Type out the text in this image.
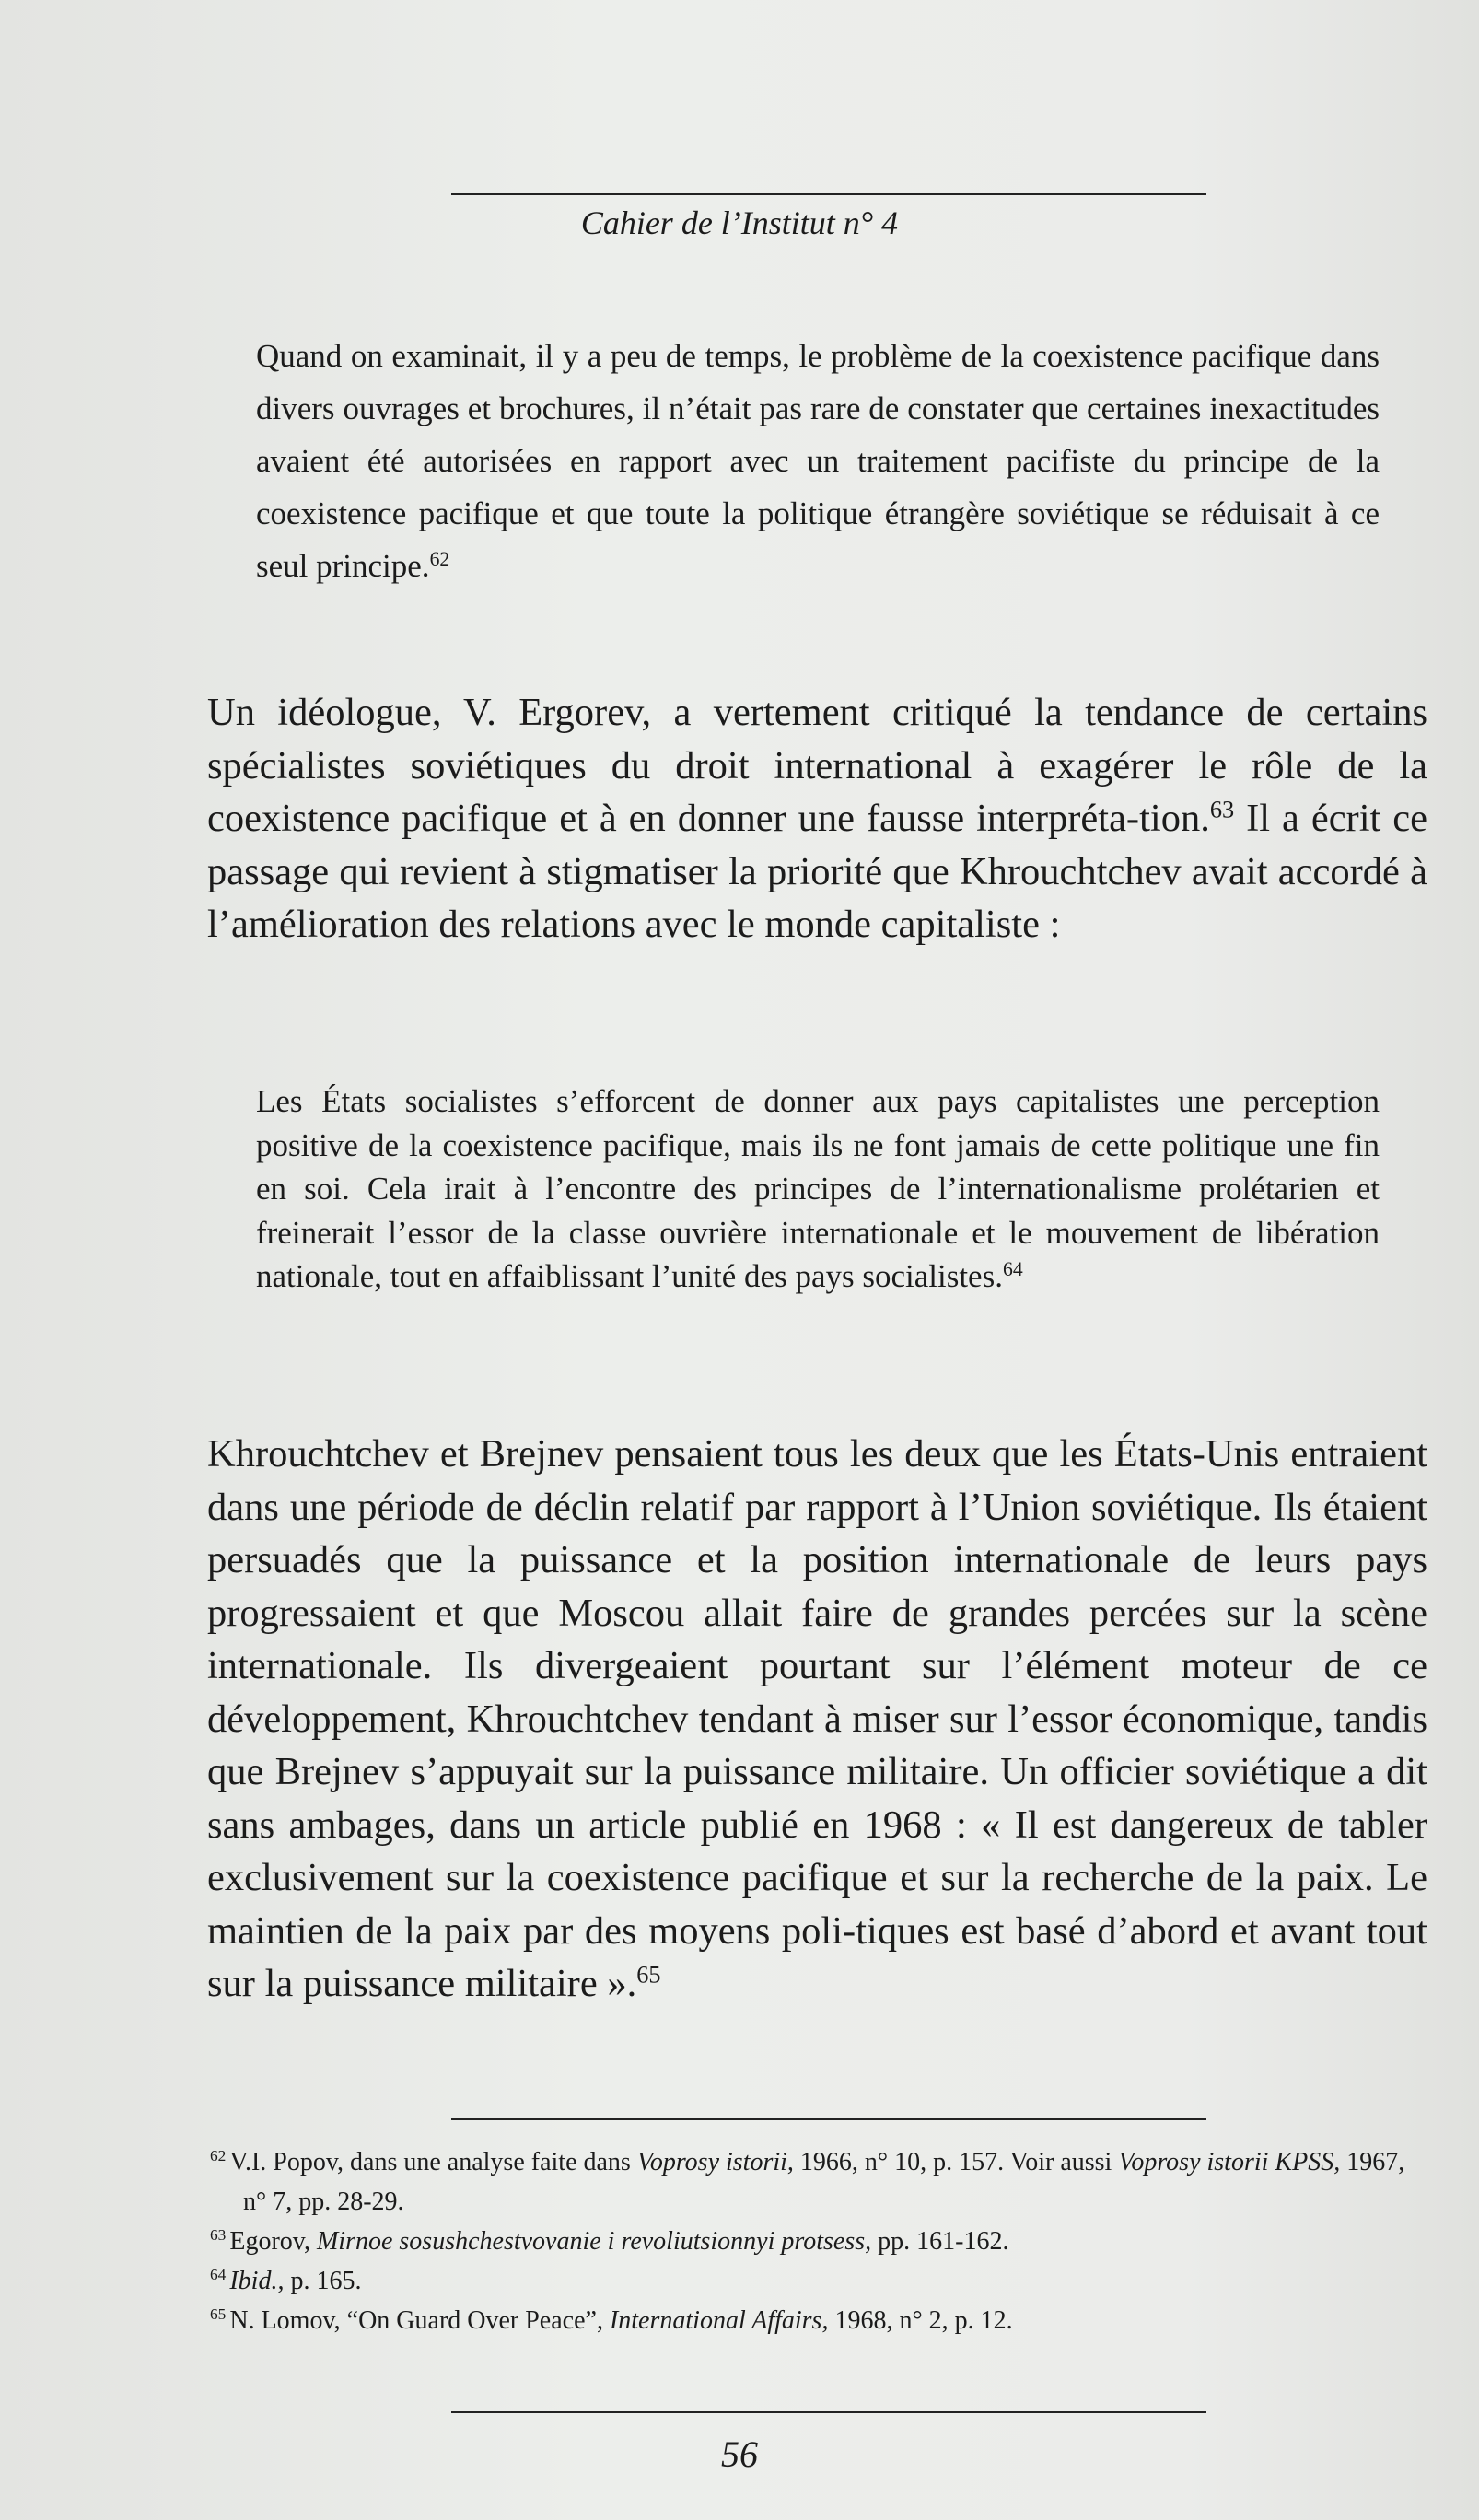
Cahier de l’Institut n° 4

Quand on examinait, il y a peu de temps, le problème de la coexistence pacifique dans divers ouvrages et brochures, il n’était pas rare de constater que certaines inexactitudes avaient été autorisées en rapport avec un traitement pacifiste du principe de la coexistence pacifique et que toute la politique étrangère soviétique se réduisait à ce seul principe.$^{62}$

Un idéologue, V. Ergorev, a vertement critiqué la tendance de certains spécialistes soviétiques du droit international à exagérer le rôle de la coexistence pacifique et à en donner une fausse interpréta-tion.$^{63}$ Il a écrit ce passage qui revient à stigmatiser la priorité que Khrouchtchev avait accordé à l’amélioration des relations avec le monde capitaliste :

Les États socialistes s’efforcent de donner aux pays capitalistes une perception positive de la coexistence pacifique, mais ils ne font jamais de cette politique une fin en soi. Cela irait à l’encontre des principes de l’internationalisme prolétarien et freinerait l’essor de la classe ouvrière internationale et le mouvement de libération nationale, tout en affaiblissant l’unité des pays socialistes.$^{64}$

Khrouchtchev et Brejnev pensaient tous les deux que les États-Unis entraient dans une période de déclin relatif par rapport à l’Union soviétique. Ils étaient persuadés que la puissance et la position internationale de leurs pays progressaient et que Moscou allait faire de grandes percées sur la scène internationale. Ils divergeaient pourtant sur l’élément moteur de ce développement, Khrouchtchev tendant à miser sur l’essor économique, tandis que Brejnev s’appuyait sur la puissance militaire. Un officier soviétique a dit sans ambages, dans un article publié en 1968 : « Il est dangereux de tabler exclusivement sur la coexistence pacifique et sur la recherche de la paix. Le maintien de la paix par des moyens poli-tiques est basé d’abord et avant tout sur la puissance militaire ».$^{65}$

$^{62}$ V.I. Popov, dans une analyse faite dans Voprosy istorii, 1966, n° 10, p. 157. Voir aussi Voprosy istorii KPSS, 1967, n° 7, pp. 28-29.
$^{63}$ Egorov, Mirnoe sosushchestvovanie i revoliutsionnyi protsess, pp. 161-162.
$^{64}$ Ibid., p. 165.
$^{65}$ N. Lomov, “On Guard Over Peace”, International Affairs, 1968, n° 2, p. 12.
56
